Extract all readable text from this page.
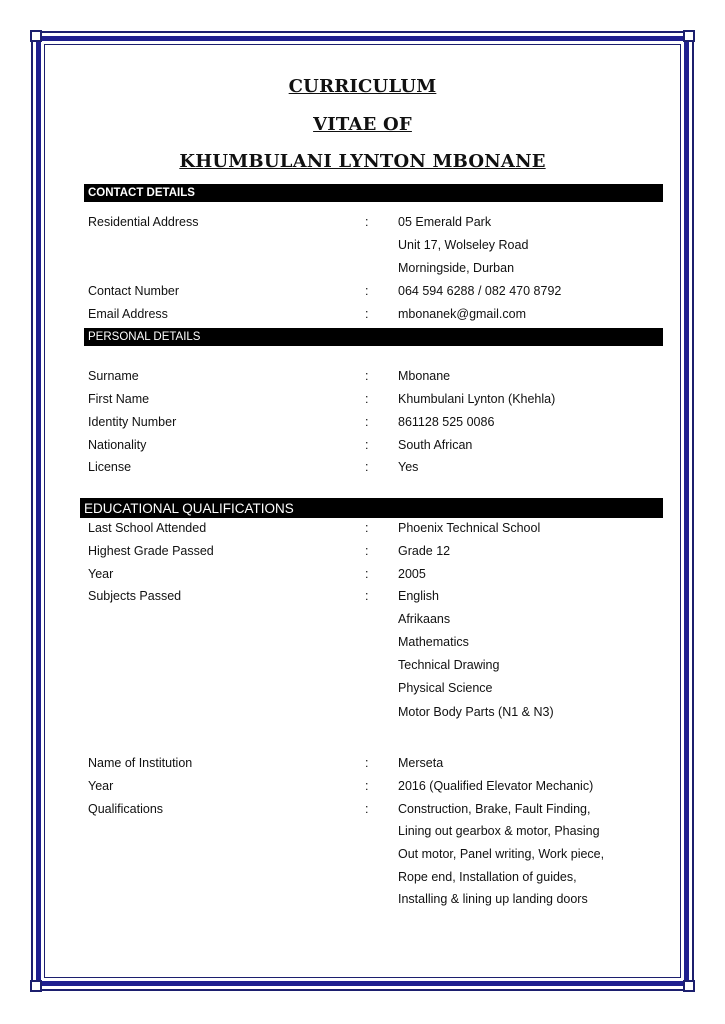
CURRICULUM
VITAE OF
KHUMBULANI LYNTON MBONANE
CONTACT DETAILS
Residential Address	: 05 Emerald Park
Unit 17, Wolseley Road
Morningside, Durban
Contact Number	: 064 594 6288 / 082 470 8792
Email Address	: mbonanek@gmail.com
PERSONAL DETAILS
Surname	: Mbonane
First Name	: Khumbulani Lynton (Khehla)
Identity Number	: 861128 525 0086
Nationality	: South African
License	: Yes
EDUCATIONAL QUALIFICATIONS
Last School Attended	: Phoenix Technical School
Highest Grade Passed	: Grade 12
Year	: 2005
Subjects Passed	: English
Afrikaans
Mathematics
Technical Drawing
Physical Science
Motor Body Parts (N1 & N3)
Name of Institution	: Merseta
Year	: 2016 (Qualified Elevator Mechanic)
Qualifications	: Construction, Brake, Fault Finding,
Lining out gearbox & motor, Phasing
Out motor, Panel writing, Work piece,
Rope end, Installation of guides,
Installing & lining up landing doors
